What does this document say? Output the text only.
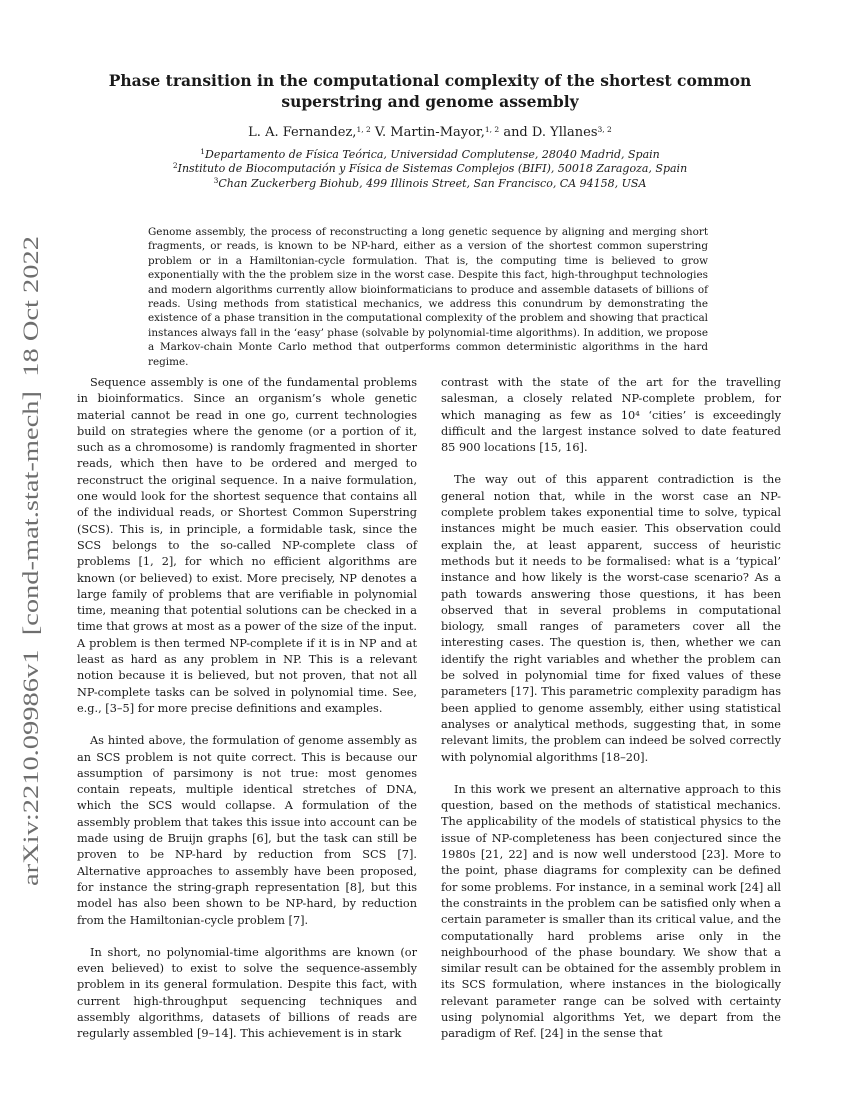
arXiv:2210.09986v1  [cond-mat.stat-mech]  18 Oct 2022
Phase transition in the computational complexity of the shortest common superstring and genome assembly
L. A. Fernandez,$^{1, 2}$ V. Martin-Mayor,$^{1, 2}$ and D. Yllanes$^{3, 2}$
$^1$Departamento de Física Teórica, Universidad Complutense, 28040 Madrid, Spain
$^2$Instituto de Biocomputación y Física de Sistemas Complejos (BIFI), 50018 Zaragoza, Spain
$^3$Chan Zuckerberg Biohub, 499 Illinois Street, San Francisco, CA 94158, USA

Genome assembly, the process of reconstructing a long genetic sequence by aligning and merging short fragments, or reads, is known to be NP-hard, either as a version of the shortest common superstring problem or in a Hamiltonian-cycle formulation. That is, the computing time is believed to grow exponentially with the the problem size in the worst case. Despite this fact, high-throughput technologies and modern algorithms currently allow bioinformaticians to produce and assemble datasets of billions of reads. Using methods from statistical mechanics, we address this conundrum by demonstrating the existence of a phase transition in the computational complexity of the problem and showing that practical instances always fall in the ‘easy’ phase (solvable by polynomial-time algorithms). In addition, we propose a Markov-chain Monte Carlo method that outperforms common deterministic algorithms in the hard regime.

Sequence assembly is one of the fundamental problems in bioinformatics. Since an organism’s whole genetic material cannot be read in one go, current technologies build on strategies where the genome (or a portion of it, such as a chromosome) is randomly fragmented in shorter reads, which then have to be ordered and merged to reconstruct the original sequence. In a naive formulation, one would look for the shortest sequence that contains all of the individual reads, or Shortest Common Superstring (SCS). This is, in principle, a formidable task, since the SCS belongs to the so-called NP-complete class of problems [1, 2], for which no efficient algorithms are known (or believed) to exist. More precisely, NP denotes a large family of problems that are verifiable in polynomial time, meaning that potential solutions can be checked in a time that grows at most as a power of the size of the input. A problem is then termed NP-complete if it is in NP and at least as hard as any problem in NP. This is a relevant notion because it is believed, but not proven, that not all NP-complete tasks can be solved in polynomial time. See, e.g., [3–5] for more precise definitions and examples.

As hinted above, the formulation of genome assembly as an SCS problem is not quite correct. This is because our assumption of parsimony is not true: most genomes contain repeats, multiple identical stretches of DNA, which the SCS would collapse. A formulation of the assembly problem that takes this issue into account can be made using de Bruijn graphs [6], but the task can still be proven to be NP-hard by reduction from SCS [7]. Alternative approaches to assembly have been proposed, for instance the string-graph representation [8], but this model has also been shown to be NP-hard, by reduction from the Hamiltonian-cycle problem [7].

In short, no polynomial-time algorithms are known (or even believed) to exist to solve the sequence-assembly problem in its general formulation. Despite this fact, with current high-throughput sequencing techniques and assembly algorithms, datasets of billions of reads are regularly assembled [9–14]. This achievement is in stark

contrast with the state of the art for the travelling salesman, a closely related NP-complete problem, for which managing as few as 10⁴ ‘cities’ is exceedingly difficult and the largest instance solved to date featured 85 900 locations [15, 16].

The way out of this apparent contradiction is the general notion that, while in the worst case an NP-complete problem takes exponential time to solve, typical instances might be much easier. This observation could explain the, at least apparent, success of heuristic methods but it needs to be formalised: what is a ‘typical’ instance and how likely is the worst-case scenario? As a path towards answering those questions, it has been observed that in several problems in computational biology, small ranges of parameters cover all the interesting cases. The question is, then, whether we can identify the right variables and whether the problem can be solved in polynomial time for fixed values of these parameters [17]. This parametric complexity paradigm has been applied to genome assembly, either using statistical analyses or analytical methods, suggesting that, in some relevant limits, the problem can indeed be solved correctly with polynomial algorithms [18–20].

In this work we present an alternative approach to this question, based on the methods of statistical mechanics. The applicability of the models of statistical physics to the issue of NP-completeness has been conjectured since the 1980s [21, 22] and is now well understood [23]. More to the point, phase diagrams for complexity can be defined for some problems. For instance, in a seminal work [24] all the constraints in the problem can be satisfied only when a certain parameter is smaller than its critical value, and the computationally hard problems arise only in the neighbourhood of the phase boundary. We show that a similar result can be obtained for the assembly problem in its SCS formulation, where instances in the biologically relevant parameter range can be solved with certainty using polynomial algorithms Yet, we depart from the paradigm of Ref. [24] in the sense that
